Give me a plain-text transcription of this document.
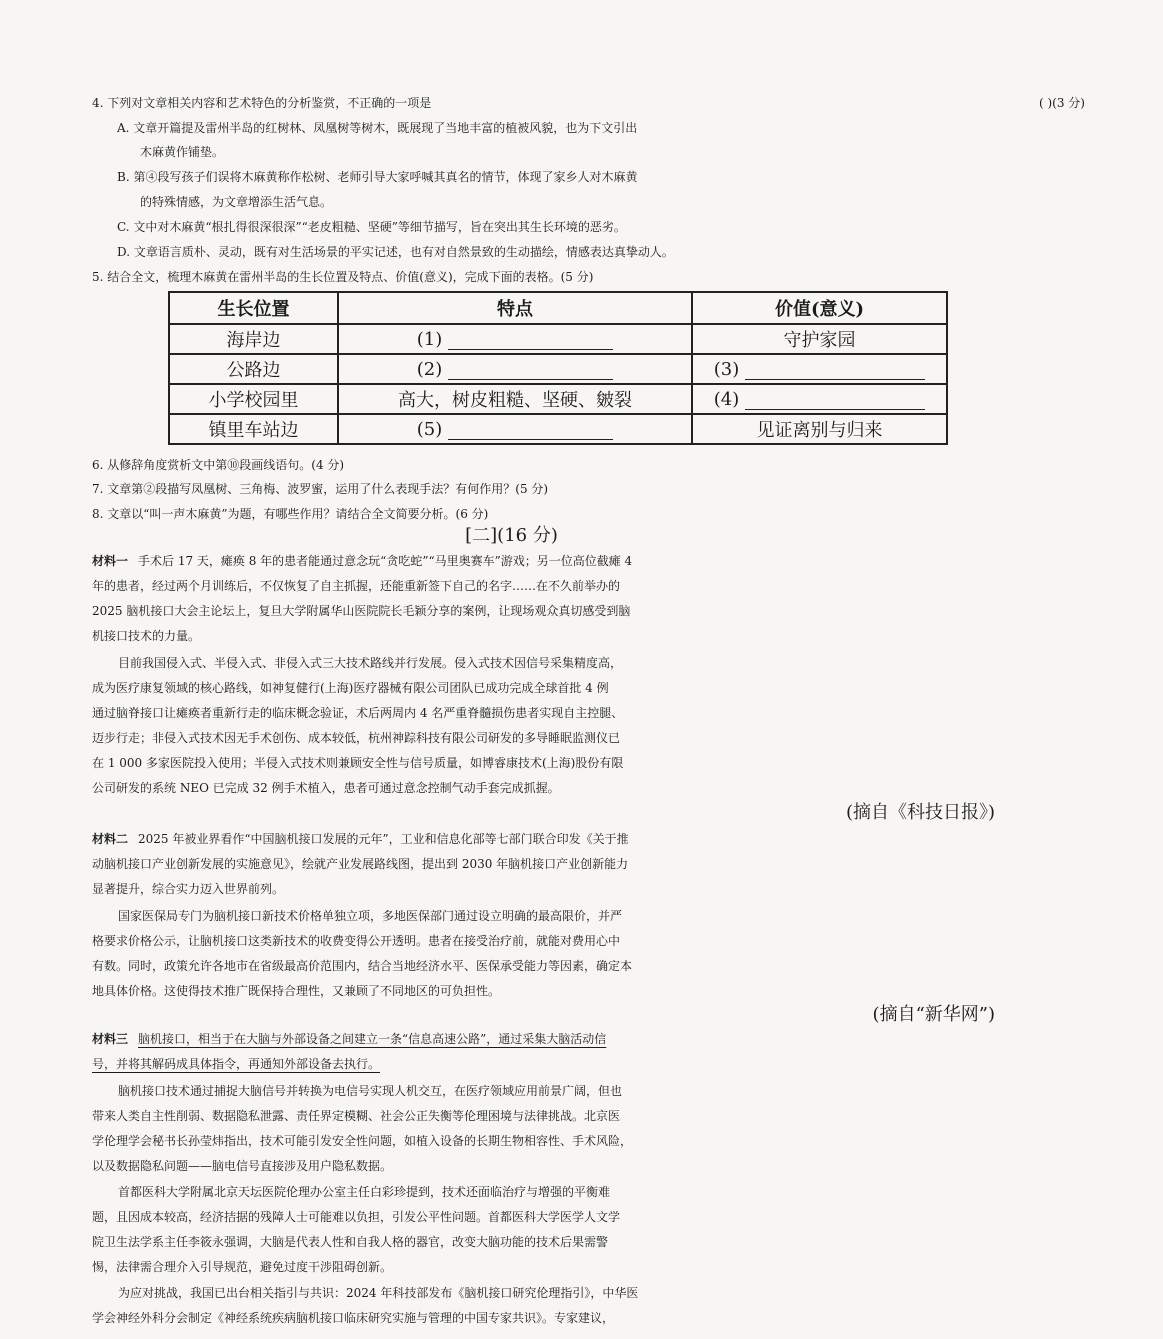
4. 下列对文章相关内容和艺术特色的分析鉴赏，不正确的一项是	( )(3 分)
A. 文章开篇提及雷州半岛的红树林、凤凰树等树木，既展现了当地丰富的植被风貌，也为下文引出
木麻黄作铺垫。
B. 第④段写孩子们误将木麻黄称作松树、老师引导大家呼喊其真名的情节，体现了家乡人对木麻黄
的特殊情感，为文章增添生活气息。
C. 文中对木麻黄“根扎得很深很深”“老皮粗糙、坚硬”等细节描写，旨在突出其生长环境的恶劣。
D. 文章语言质朴、灵动，既有对生活场景的平实记述，也有对自然景致的生动描绘，情感表达真挚动人。
5. 结合全文，梳理木麻黄在雷州半岛的生长位置及特点、价值(意义)，完成下面的表格。(5 分)
生长位置	特点	价值(意义)
海岸边	(1)	守护家园
公路边	(2)	(3)
小学校园里	高大，树皮粗糙、坚硬、皴裂	(4)
镇里车站边	(5)	见证离别与归来
6. 从修辞角度赏析文中第⑩段画线语句。(4 分)
7. 文章第②段描写凤凰树、三角梅、波罗蜜，运用了什么表现手法？有何作用？(5 分)
8. 文章以“叫一声木麻黄”为题，有哪些作用？请结合全文简要分析。(6 分)
[二](16 分)
材料一 手术后 17 天，瘫痪 8 年的患者能通过意念玩“贪吃蛇”“马里奥赛车”游戏；另一位高位截瘫 4
年的患者，经过两个月训练后，不仅恢复了自主抓握，还能重新签下自己的名字……在不久前举办的
2025 脑机接口大会主论坛上，复旦大学附属华山医院院长毛颖分享的案例，让现场观众真切感受到脑
机接口技术的力量。
目前我国侵入式、半侵入式、非侵入式三大技术路线并行发展。侵入式技术因信号采集精度高，
成为医疗康复领域的核心路线，如神复健行(上海)医疗器械有限公司团队已成功完成全球首批 4 例
通过脑脊接口让瘫痪者重新行走的临床概念验证，术后两周内 4 名严重脊髓损伤患者实现自主控腿、
迈步行走；非侵入式技术因无手术创伤、成本较低，杭州神踪科技有限公司研发的多导睡眠监测仪已
在 1 000 多家医院投入使用；半侵入式技术则兼顾安全性与信号质量，如博睿康技术(上海)股份有限
公司研发的系统 NEO 已完成 32 例手术植入，患者可通过意念控制气动手套完成抓握。
(摘自《科技日报》)
材料二 2025 年被业界看作“中国脑机接口发展的元年”，工业和信息化部等七部门联合印发《关于推
动脑机接口产业创新发展的实施意见》，绘就产业发展路线图，提出到 2030 年脑机接口产业创新能力
显著提升，综合实力迈入世界前列。
国家医保局专门为脑机接口新技术价格单独立项，多地医保部门通过设立明确的最高限价，并严
格要求价格公示，让脑机接口这类新技术的收费变得公开透明。患者在接受治疗前，就能对费用心中
有数。同时，政策允许各地市在省级最高价范围内，结合当地经济水平、医保承受能力等因素，确定本
地具体价格。这使得技术推广既保持合理性，又兼顾了不同地区的可负担性。
(摘自“新华网”)
材料三 脑机接口，相当于在大脑与外部设备之间建立一条“信息高速公路”，通过采集大脑活动信
号，并将其解码成具体指令，再通知外部设备去执行。
脑机接口技术通过捕捉大脑信号并转换为电信号实现人机交互，在医疗领域应用前景广阔，但也
带来人类自主性削弱、数据隐私泄露、责任界定模糊、社会公正失衡等伦理困境与法律挑战。北京医
学伦理学会秘书长孙莹炜指出，技术可能引发安全性问题，如植入设备的长期生物相容性、手术风险，
以及数据隐私问题——脑电信号直接涉及用户隐私数据。
首都医科大学附属北京天坛医院伦理办公室主任白彩珍提到，技术还面临治疗与增强的平衡难
题，且因成本较高，经济拮据的残障人士可能难以负担，引发公平性问题。首都医科大学医学人文学
院卫生法学系主任李筱永强调，大脑是代表人性和自我人格的器官，改变大脑功能的技术后果需警
惕，法律需合理介入引导规范，避免过度干涉阻碍创新。
为应对挑战，我国已出台相关指引与共识：2024 年科技部发布《脑机接口研究伦理指引》，中华医
学会神经外科分会制定《神经系统疾病脑机接口临床研究实施与管理的中国专家共识》。专家建议，
